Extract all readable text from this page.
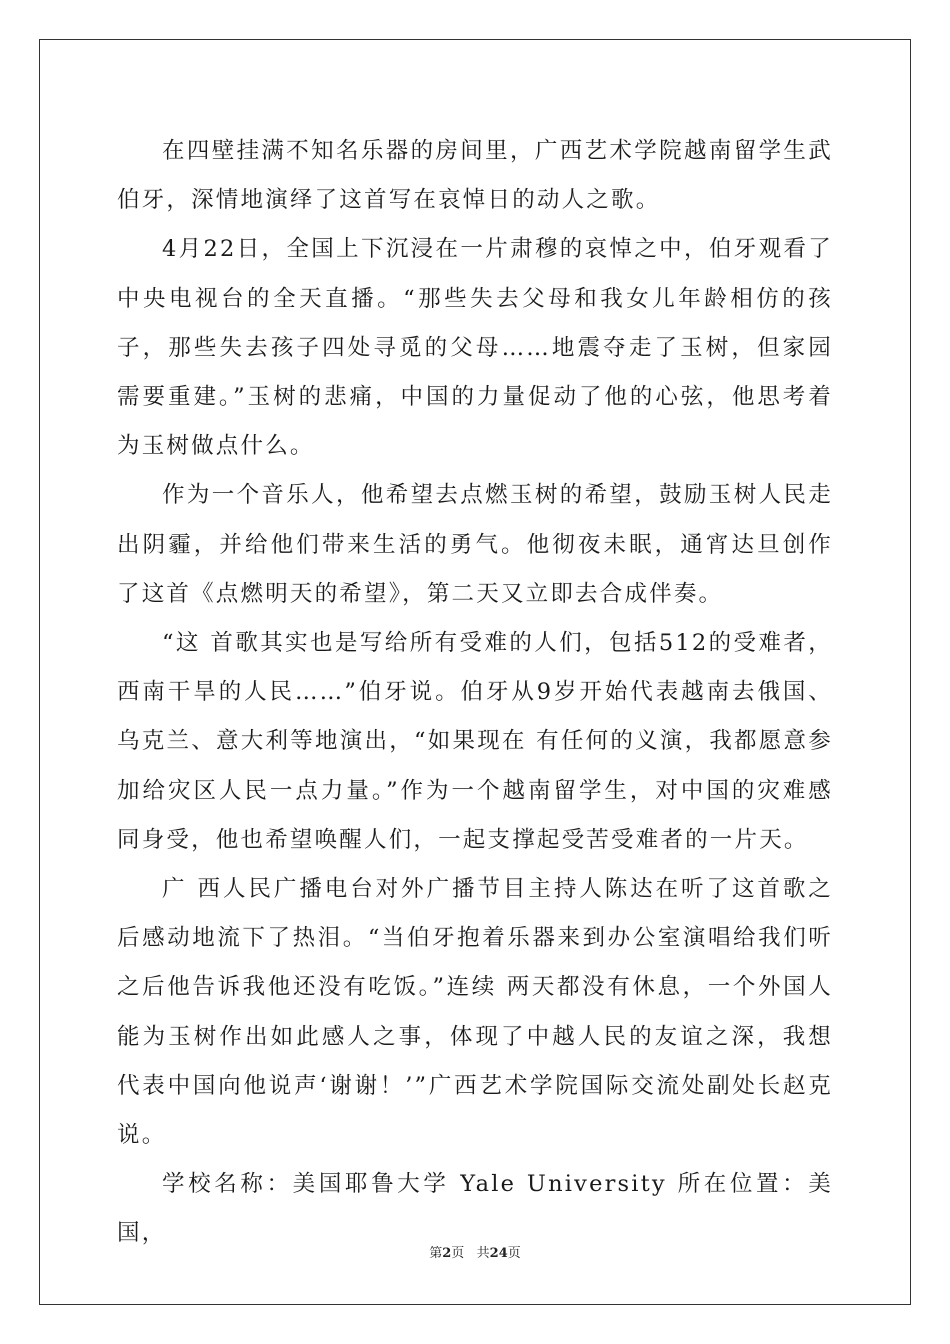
在四壁挂满不知名乐器的房间里，广西艺术学院越南留学生武伯牙，深情地演绎了这首写在哀悼日的动人之歌。

4月22日，全国上下沉浸在一片肃穆的哀悼之中，伯牙观看了中央电视台的全天直播。“那些失去父母和我女儿年龄相仿的孩子，那些失去孩子四处寻觅的父母……地震夺走了玉树，但家园需要重建。”玉树的悲痛，中国的力量促动了他的心弦，他思考着为玉树做点什么。

作为一个音乐人，他希望去点燃玉树的希望，鼓励玉树人民走出阴霾，并给他们带来生活的勇气。他彻夜未眠，通宵达旦创作了这首《点燃明天的希望》，第二天又立即去合成伴奏。

“这 首歌其实也是写给所有受难的人们，包括512的受难者，西南干旱的人民……”伯牙说。伯牙从9岁开始代表越南去俄国、乌克兰、意大利等地演出，“如果现在 有任何的义演，我都愿意参加给灾区人民一点力量。”作为一个越南留学生，对中国的灾难感同身受，他也希望唤醒人们，一起支撑起受苦受难者的一片天。

广 西人民广播电台对外广播节目主持人陈达在听了这首歌之后感动地流下了热泪。“当伯牙抱着乐器来到办公室演唱给我们听之后他告诉我他还没有吃饭。”连续 两天都没有休息，一个外国人能为玉树作出如此感人之事，体现了中越人民的友谊之深，我想代表中国向他说声‘谢谢！’”广西艺术学院国际交流处副处长赵克 说。

学校名称：美国耶鲁大学 Yale University 所在位置：美国，

第2页   共24页
